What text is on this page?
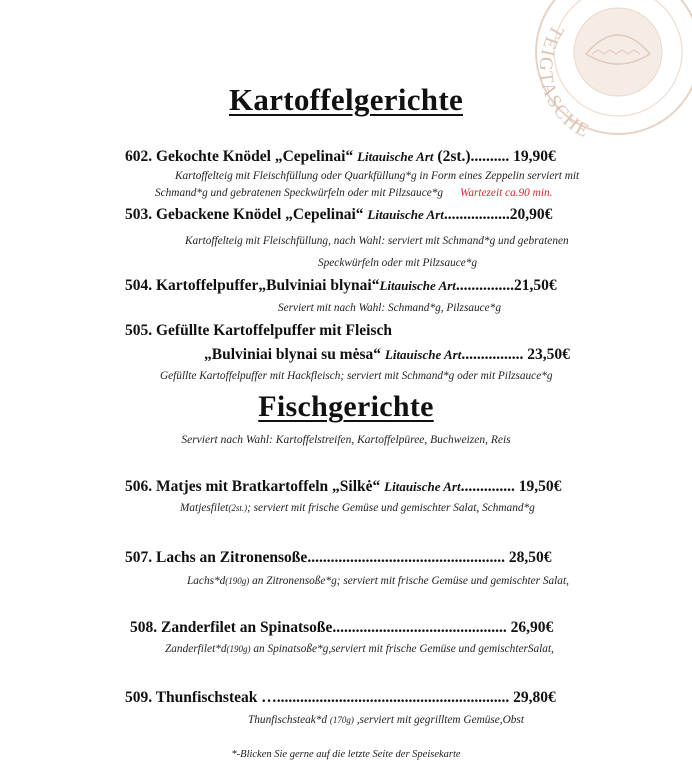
TEIGTASCHE
Kartoffelgerichte
602. Gekochte Knödel „Cepelinai“ Litauische Art (2st.).......... 19,90€
Kartoffelteig mit Fleischfüllung oder Quarkfüllung*g in Form eines Zeppelin serviert mit
Schmand*g und gebratenen Speckwürfeln oder mit Pilzsauce*g Wartezeit ca.90 min.
503. Gebackene Knödel „Cepelinai“ Litauische Art.................20,90€
Kartoffelteig mit Fleischfüllung, nach Wahl: serviert mit Schmand*g und gebratenen
Speckwürfeln oder mit Pilzsauce*g
504. Kartoffelpuffer„Bulviniai blynai“Litauische Art...............21,50€
Serviert mit nach Wahl: Schmand*g, Pilzsauce*g
505. Gefüllte Kartoffelpuffer mit Fleisch
„Bulviniai blynai su mėsa“ Litauische Art................ 23,50€
Gefüllte Kartoffelpuffer mit Hackfleisch; serviert mit Schmand*g oder mit Pilzsauce*g
Fischgerichte
Serviert nach Wahl: Kartoffelstreifen, Kartoffelpüree, Buchweizen, Reis
506. Matjes mit Bratkartoffeln „Silkė“ Litauische Art.............. 19,50€
Matjesfilet(2st.); serviert mit frische Gemüse und gemischter Salat, Schmand*g
507. Lachs an Zitronensoße................................................... 28,50€
Lachs*d(190g) an Zitronensoße*g; serviert mit frische Gemüse und gemischter Salat,
508. Zanderfilet an Spinatsoße............................................. 26,90€
Zanderfilet*d(190g) an Spinatsoße*g,serviert mit frische Gemüse und gemischterSalat,
509. Thunfischsteak …............................................................ 29,80€
Thunfischsteak*d (170g) ,serviert mit gegrilltem Gemüse,Obst
*-Blicken Sie gerne auf die letzte Seite der Speisekarte
